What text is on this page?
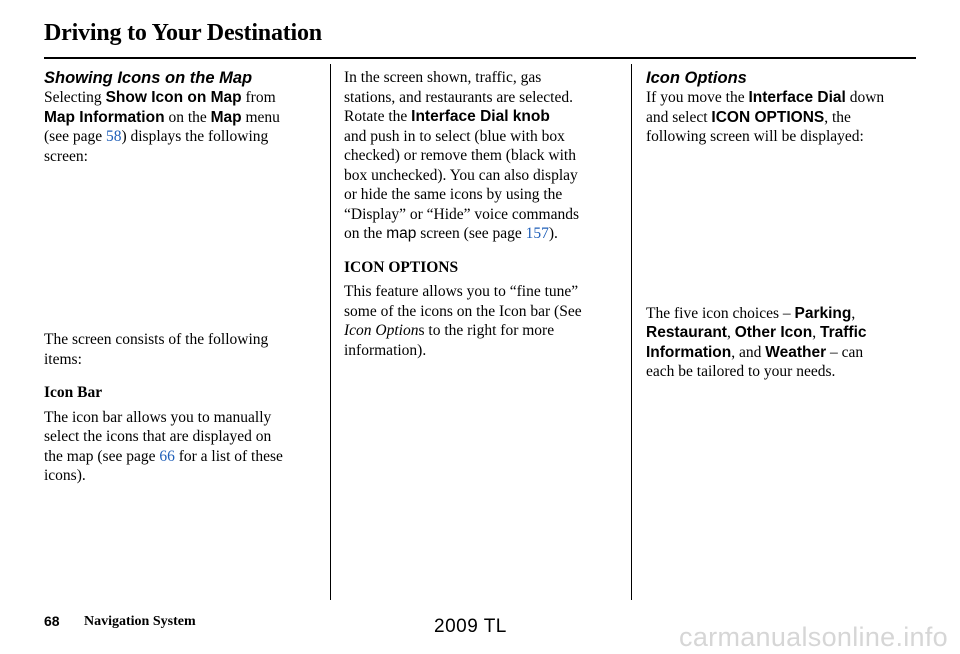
Driving to Your Destination

Showing Icons on the Map

Selecting Show Icon on Map from
Map Information on the Map menu
(see page 58) displays the following
screen:

The screen consists of the following
items:

Icon Bar

The icon bar allows you to manually
select the icons that are displayed on
the map (see page 66 for a list of these
icons).

In the screen shown, traffic, gas
stations, and restaurants are selected.
Rotate the Interface Dial knob
and push in to select (blue with box
checked) or remove them (black with
box unchecked). You can also display
or hide the same icons by using the
“Display” or “Hide” voice commands
on the map screen (see page 157).

ICON OPTIONS

This feature allows you to “fine tune”
some of the icons on the Icon bar (See
Icon Options to the right for more
information).

Icon Options

If you move the Interface Dial down
and select ICON OPTIONS, the
following screen will be displayed:

The five icon choices – Parking,
Restaurant, Other Icon, Traffic
Information, and Weather – can
each be tailored to your needs.

68 Navigation System	2009 TL	carmanualsonline.info
